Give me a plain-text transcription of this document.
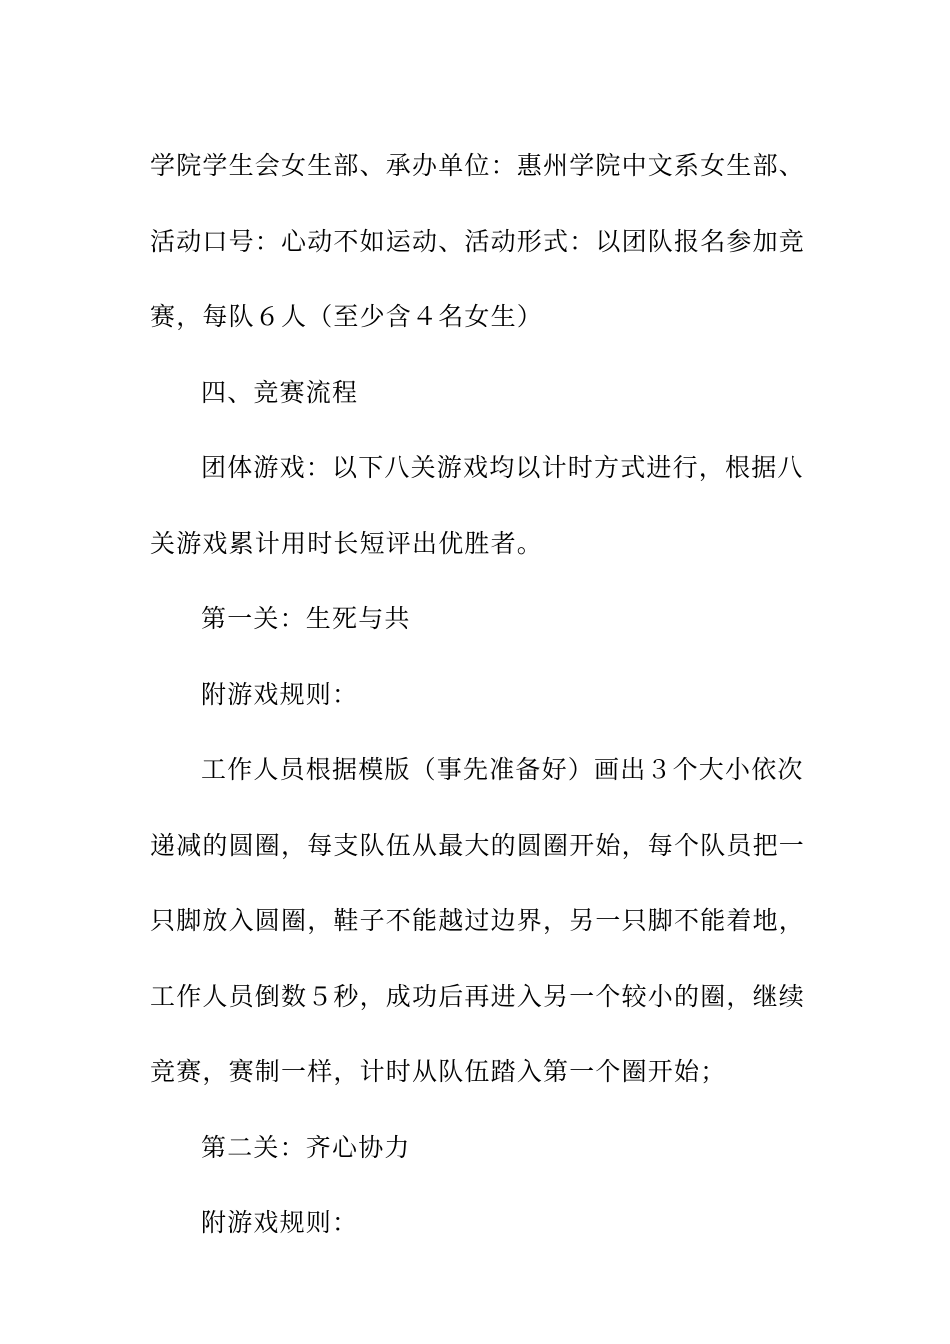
学院学生会女生部、承办单位：惠州学院中文系女生部、
活动口号：心动不如运动、活动形式：以团队报名参加竞
赛，每队６人（至少含４名女生）

四、竞赛流程

团体游戏：以下八关游戏均以计时方式进行，根据八
关游戏累计用时长短评出优胜者。

第一关：生死与共

附游戏规则：

工作人员根据模版（事先准备好）画出３个大小依次
递减的圆圈，每支队伍从最大的圆圈开始，每个队员把一
只脚放入圆圈，鞋子不能越过边界，另一只脚不能着地，
工作人员倒数５秒，成功后再进入另一个较小的圈，继续
竞赛，赛制一样，计时从队伍踏入第一个圈开始；

第二关：齐心协力

附游戏规则：
